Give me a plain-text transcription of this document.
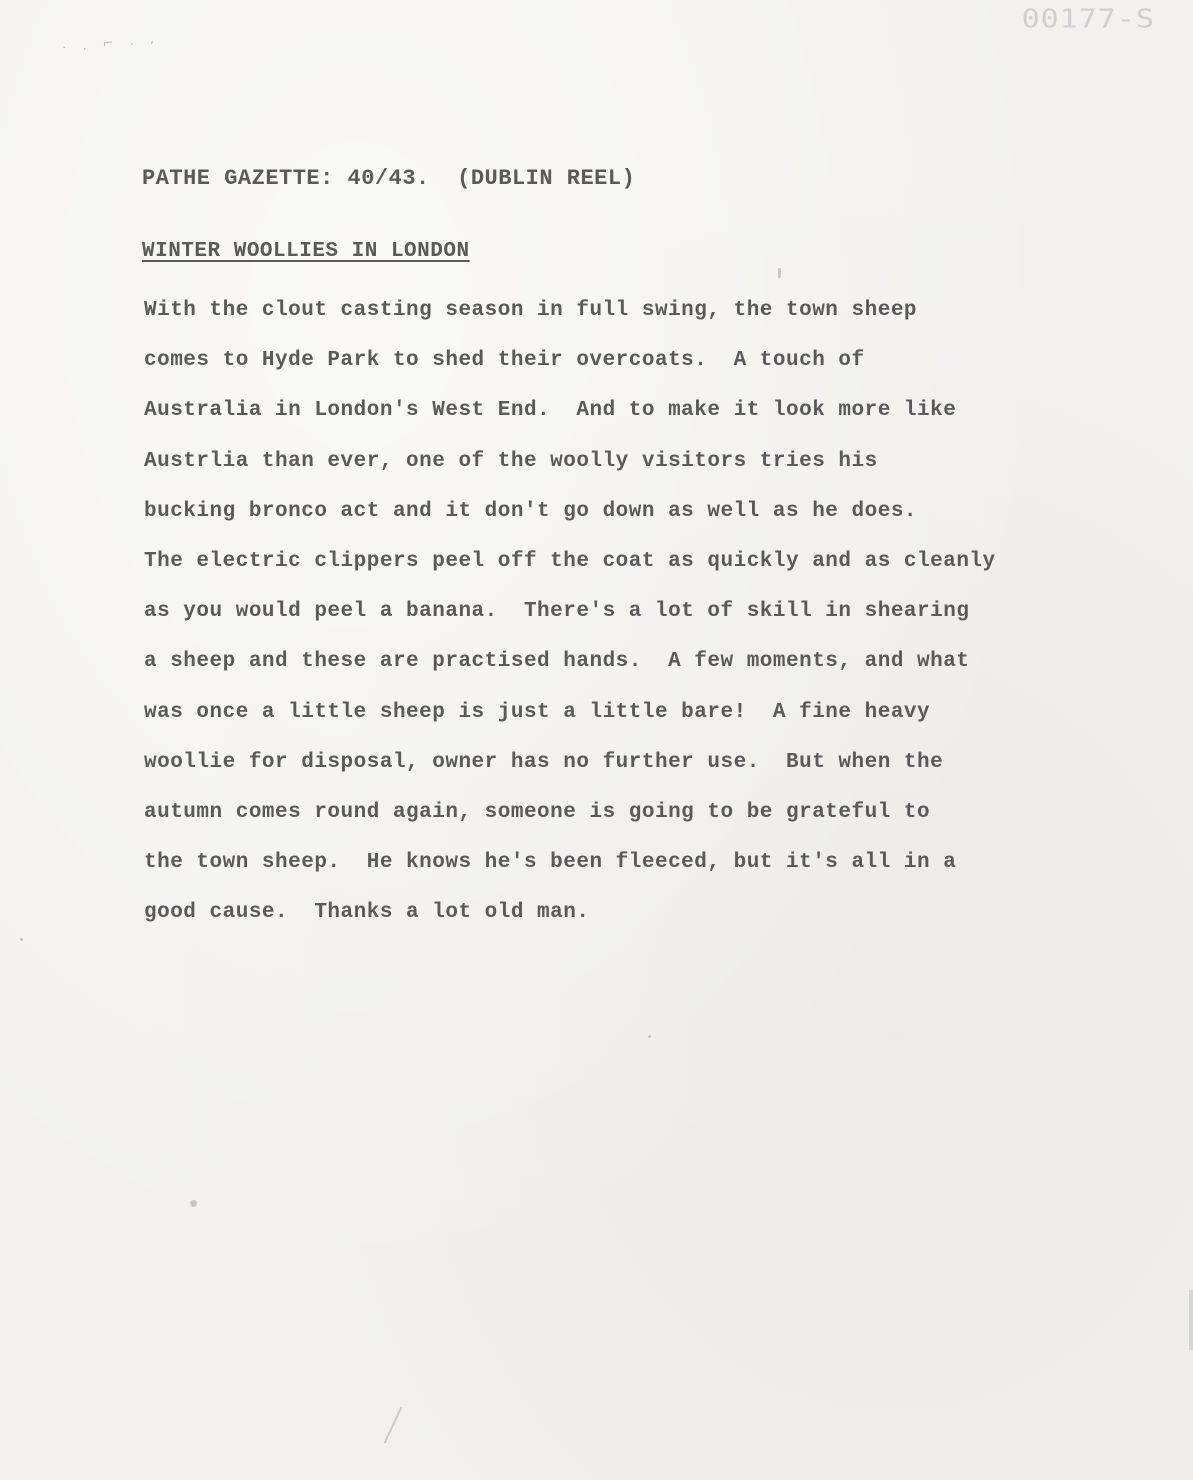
00177-S
· . ⌐ . ,
PATHE GAZETTE: 40/43.  (DUBLIN REEL)
WINTER WOOLLIES IN LONDON
With the clout casting season in full swing, the town sheep
comes to Hyde Park to shed their overcoats.  A touch of
Australia in London's West End.  And to make it look more like
Austrlia than ever, one of the woolly visitors tries his
bucking bronco act and it don't go down as well as he does.
The electric clippers peel off the coat as quickly and as cleanly
as you would peel a banana.  There's a lot of skill in shearing
a sheep and these are practised hands.  A few moments, and what
was once a little sheep is just a little bare!  A fine heavy
woollie for disposal, owner has no further use.  But when the
autumn comes round again, someone is going to be grateful to
the town sheep.  He knows he's been fleeced, but it's all in a
good cause.  Thanks a lot old man.
